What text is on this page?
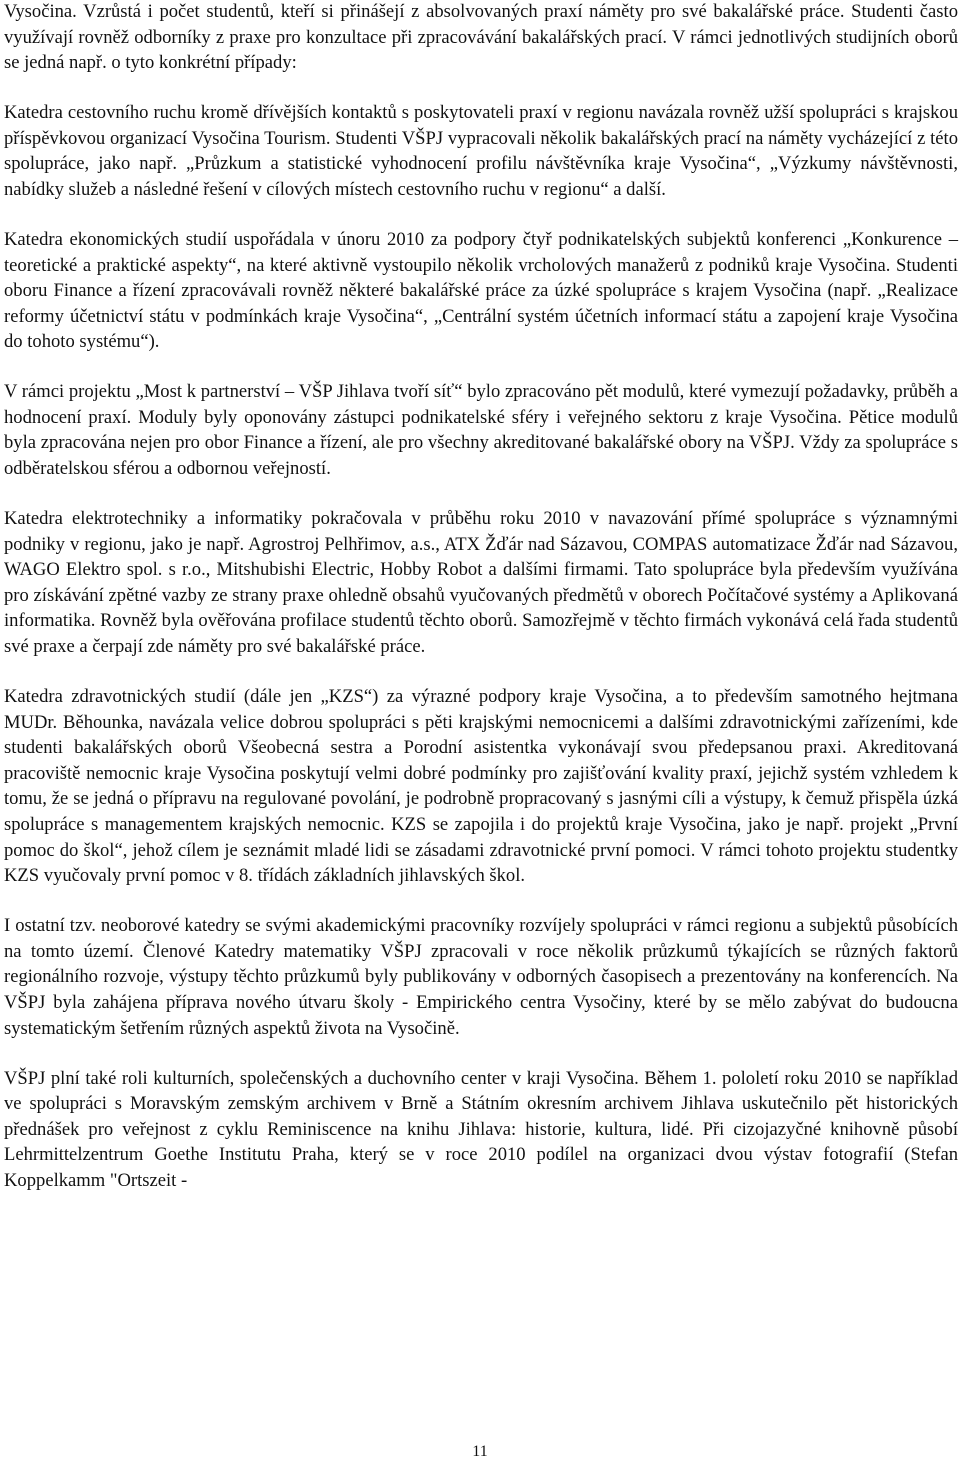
Vysočina. Vzrůstá i počet studentů, kteří si přinášejí z absolvovaných praxí náměty pro své bakalářské práce. Studenti často využívají rovněž odborníky z praxe pro konzultace při zpracovávání bakalářských prací. V rámci jednotlivých studijních oborů se jedná např. o tyto konkrétní případy:

Katedra cestovního ruchu kromě dřívějších kontaktů s poskytovateli praxí v regionu navázala rovněž užší spolupráci s krajskou příspěvkovou organizací Vysočina Tourism. Studenti VŠPJ vypracovali několik bakalářských prací na náměty vycházející z této spolupráce, jako např. „Průzkum a statistické vyhodnocení profilu návštěvníka kraje Vysočina“, „Výzkumy návštěvnosti, nabídky služeb a následné řešení v cílových místech cestovního ruchu v regionu“ a další.

Katedra ekonomických studií uspořádala v únoru 2010 za podpory čtyř podnikatelských subjektů konferenci „Konkurence – teoretické a praktické aspekty“, na které aktivně vystoupilo několik vrcholových manažerů z podniků kraje Vysočina. Studenti oboru Finance a řízení zpracovávali rovněž některé bakalářské práce za úzké spolupráce s krajem Vysočina (např. „Realizace reformy účetnictví státu v podmínkách kraje Vysočina“, „Centrální systém účetních informací státu a zapojení kraje Vysočina do tohoto systému“).

V rámci projektu „Most k partnerství – VŠP Jihlava tvoří síť“ bylo zpracováno pět modulů, které vymezují požadavky, průběh a hodnocení praxí. Moduly byly oponovány zástupci podnikatelské sféry i veřejného sektoru z kraje Vysočina. Pětice modulů byla zpracována nejen pro obor Finance a řízení, ale pro všechny akreditované bakalářské obory na VŠPJ. Vždy za spolupráce s odběratelskou sférou a odbornou veřejností.

Katedra elektrotechniky a informatiky pokračovala v průběhu roku 2010 v navazování přímé spolupráce s významnými podniky v regionu, jako je např. Agrostroj Pelhřimov, a.s., ATX Žďár nad Sázavou, COMPAS automatizace Žďár nad Sázavou, WAGO Elektro spol. s r.o., Mitshubishi Electric, Hobby Robot a dalšími firmami. Tato spolupráce byla především využívána pro získávání zpětné vazby ze strany praxe ohledně obsahů vyučovaných předmětů v oborech Počítačové systémy a Aplikovaná informatika. Rovněž byla ověřována profilace studentů těchto oborů. Samozřejmě v těchto firmách vykonává celá řada studentů své praxe a čerpají zde náměty pro své bakalářské práce.

Katedra zdravotnických studií (dále jen „KZS“) za výrazné podpory kraje Vysočina, a to především samotného hejtmana MUDr. Běhounka, navázala velice dobrou spolupráci s pěti krajskými nemocnicemi a dalšími zdravotnickými zařízeními, kde studenti bakalářských oborů Všeobecná sestra a Porodní asistentka vykonávají svou předepsanou praxi. Akreditovaná pracoviště nemocnic kraje Vysočina poskytují velmi dobré podmínky pro zajišťování kvality praxí, jejichž systém vzhledem k tomu, že se jedná o přípravu na regulované povolání, je podrobně propracovaný s jasnými cíli a výstupy, k čemuž přispěla úzká spolupráce s managementem krajských nemocnic. KZS se zapojila i do projektů kraje Vysočina, jako je např. projekt „První pomoc do škol“, jehož cílem je seznámit mladé lidi se zásadami zdravotnické první pomoci. V rámci tohoto projektu studentky KZS vyučovaly první pomoc v 8. třídách základních jihlavských škol.

I ostatní tzv. neoborové katedry se svými akademickými pracovníky rozvíjely spolupráci v rámci regionu a subjektů působících na tomto území. Členové Katedry matematiky VŠPJ zpracovali v roce několik průzkumů týkajících se různých faktorů regionálního rozvoje, výstupy těchto průzkumů byly publikovány v odborných časopisech a prezentovány na konferencích. Na VŠPJ byla zahájena příprava nového útvaru školy - Empirického centra Vysočiny, které by se mělo zabývat do budoucna systematickým šetřením různých aspektů života na Vysočině.

VŠPJ plní také roli kulturních, společenských a duchovního center v kraji Vysočina. Během 1. pololetí roku 2010 se například ve spolupráci s Moravským zemským archivem v Brně a Státním okresním archivem Jihlava uskutečnilo pět historických přednášek pro veřejnost z cyklu Reminiscence na knihu Jihlava: historie, kultura, lidé. Při cizojazyčné knihovně působí Lehrmittelzentrum Goethe Institutu Praha, který se v roce 2010 podílel na organizaci dvou výstav fotografií (Stefan Koppelkamm "Ortszeit -

11
